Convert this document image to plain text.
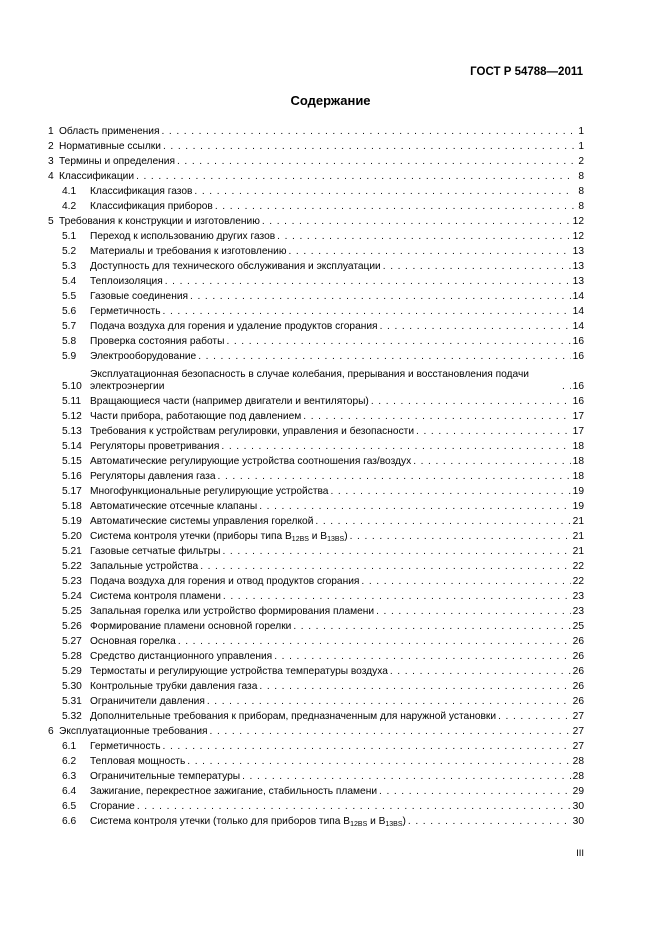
ГОСТ Р 54788—2011
Содержание
1 Область применения .....	1
2 Нормативные ссылки .....	1
3 Термины и определения .....	2
4 Классификации .....	8
4.1	Классификация газов .....	8
4.2	Классификация приборов .....	8
5 Требования к конструкции и изготовлению .....	12
5.1	Переход к использованию других газов .....	12
5.2	Материалы и требования к изготовлению .....	13
5.3	Доступность для технического обслуживания и эксплуатации .....	13
5.4	Теплоизоляция .....	13
5.5	Газовые соединения .....	14
5.6	Герметичность .....	14
5.7	Подача воздуха для горения и удаление продуктов сгорания .....	14
5.8	Проверка состояния работы .....	16
5.9	Электрооборудование .....	16
5.10
Эксплуатационная безопасность в случае колебания, прерывания и восстановления подачи электроэнергии .....	16
5.11 Вращающиеся части (например двигатели и вентиляторы) .....	16
5.12 Части прибора, работающие под давлением .....	17
5.13 Требования к устройствам регулировки, управления и безопасности .....	17
5.14 Регуляторы проветривания .....	18
5.15 Автоматические регулирующие устройства соотношения газ/воздух .....	18
5.16 Регуляторы давления газа .....	18
5.17 Многофункциональные регулирующие устройства .....	19
5.18 Автоматические отсечные клапаны .....	19
5.19 Автоматические системы управления горелкой .....	21
5.20 Система контроля утечки (приборы типа $B_{12BS}$ и $B_{13BS}$) .....	21
5.21 Газовые сетчатые фильтры .....	21
5.22 Запальные устройства .....	22
5.23 Подача воздуха для горения и отвод продуктов сгорания .....	22
5.24 Система контроля пламени .....	23
5.25 Запальная горелка или устройство формирования пламени .....	23
5.26 Формирование пламени основной горелки .....	25
5.27 Основная горелка .....	26
5.28 Средство дистанционного управления .....	26
5.29 Термостаты и регулирующие устройства температуры воздуха .....	26
5.30 Контрольные трубки давления газа .....	26
5.31 Ограничители давления .....	26
5.32 Дополнительные требования к приборам, предназначенным для наружной установки .....	27
6 Эксплуатационные требования .....	27
6.1	Герметичность .....	27
6.2	Тепловая мощность .....	28
6.3	Ограничительные температуры .....	28
6.4	Зажигание, перекрестное зажигание, стабильность пламени .....	29
6.5	Сгорание .....	30
6.6	Система контроля утечки (только для приборов типа $B_{12BS}$ и $B_{13BS}$) .....	30
III
